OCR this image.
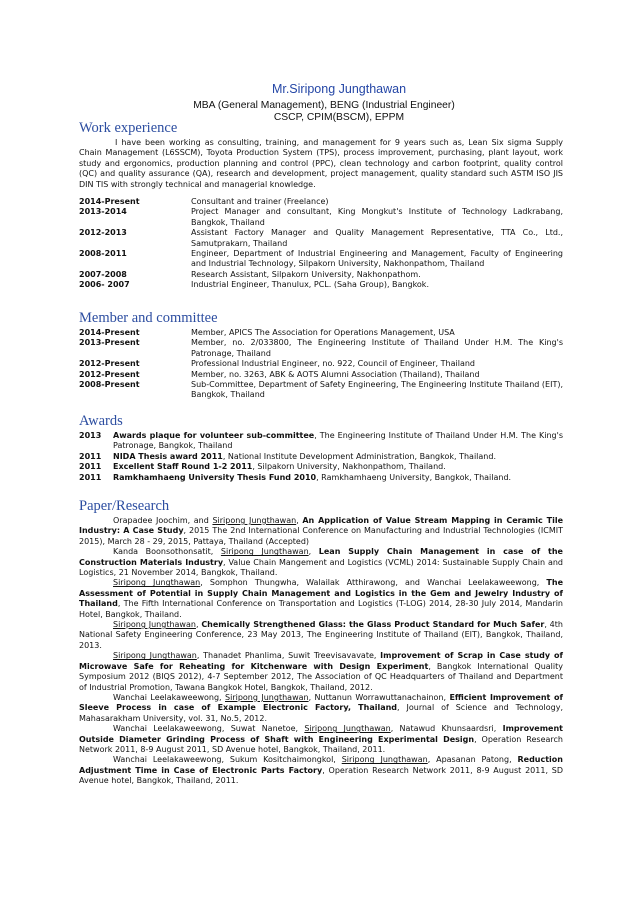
Mr.Siripong Jungthawan
MBA (General Management), BENG (Industrial Engineer)
CSCP, CPIM(BSCM), EPPM
Work experience
I have been working as consulting, training, and management for 9 years such as, Lean Six sigma Supply Chain Management (L6SSCM), Toyota Production System (TPS), process improvement, purchasing, plant layout, work study and ergonomics, production planning and control (PPC), clean technology and carbon footprint, quality control (QC) and quality assurance (QA), research and development, project management, quality standard such ASTM ISO JIS DIN TIS with strongly technical and managerial knowledge.
2014-Present	Consultant and trainer (Freelance)
2013-2014	Project Manager and consultant, King Mongkut's Institute of Technology Ladkrabang, Bangkok, Thailand
2012-2013	Assistant Factory Manager and Quality Management Representative, TTA Co., Ltd., Samutprakarn, Thailand
2008-2011	Engineer, Department of Industrial Engineering and Management, Faculty of Engineering and Industrial Technology, Silpakorn University, Nakhonpathom, Thailand
2007-2008	Research Assistant, Silpakorn University, Nakhonpathom.
2006- 2007	Industrial Engineer, Thanulux, PCL. (Saha Group), Bangkok.
Member and committee
2014-Present	Member, APICS The Association for Operations Management, USA
2013-Present	Member, no. 2/033800, The Engineering Institute of Thailand Under H.M. The King's Patronage, Thailand
2012-Present	Professional Industrial Engineer, no. 922, Council of Engineer, Thailand
2012-Present	Member, no. 3263, ABK & AOTS Alumni Association (Thailand), Thailand
2008-Present	Sub-Committee, Department of Safety Engineering, The Engineering Institute Thailand (EIT), Bangkok, Thailand
Awards
2013	Awards plaque for volunteer sub-committee, The Engineering Institute of Thailand Under H.M. The King's Patronage, Bangkok, Thailand
2011	NIDA Thesis award 2011, National Institute Development Administration, Bangkok, Thailand.
2011	Excellent Staff Round 1-2 2011, Silpakorn University, Nakhonpathom, Thailand.
2011	Ramkhamhaeng University Thesis Fund 2010, Ramkhamhaeng University, Bangkok, Thailand.
Paper/Research
Orapadee Joochim, and Siripong Jungthawan, An Application of Value Stream Mapping in Ceramic Tile Industry: A Case Study, 2015 The 2nd International Conference on Manufacturing and Industrial Technologies (ICMIT 2015), March 28 - 29, 2015, Pattaya, Thailand (Accepted)
Kanda Boonsothonsatit, Siripong Jungthawan, Lean Supply Chain Management in case of the Construction Materials Industry, Value Chain Mangement and Logistics (VCML) 2014: Sustainable Supply Chain and Logistics, 21 November 2014, Bangkok, Thailand.
Siripong Jungthawan, Somphon Thungwha, Walailak Atthirawong, and Wanchai Leelakaweewong, The Assessment of Potential in Supply Chain Management and Logistics in the Gem and Jewelry Industry of Thailand, The Fifth International Conference on Transportation and Logistics (T-LOG) 2014, 28-30 July 2014, Mandarin Hotel, Bangkok, Thailand.
Siripong Jungthawan, Chemically Strengthened Glass: the Glass Product Standard for Much Safer, 4th National Safety Engineering Conference, 23 May 2013, The Engineering Institute of Thailand (EIT), Bangkok, Thailand, 2013.
Siripong Jungthawan, Thanadet Phanlima, Suwit Treevisavavate, Improvement of Scrap in Case study of Microwave Safe for Reheating for Kitchenware with Design Experiment, Bangkok International Quality Symposium 2012 (BIQS 2012), 4-7 September 2012, The Association of QC Headquarters of Thailand and Department of Industrial Promotion, Tawana Bangkok Hotel, Bangkok, Thailand, 2012.
Wanchai Leelakaweewong, Siripong Jungthawan, Nuttanun Worrawuttanachainon, Efficient Improvement of Sleeve Process in case of Example Electronic Factory, Thailand, Journal of Science and Technology, Mahasarakham University, vol. 31, No.5, 2012.
Wanchai Leelakaweewong, Suwat Nanetoe, Siripong Jungthawan, Natawud Khunsaardsri, Improvement Outside Diameter Grinding Process of Shaft with Engineering Experimental Design, Operation Research Network 2011, 8-9 August 2011, SD Avenue hotel, Bangkok, Thailand, 2011.
Wanchai Leelakaweewong, Sukum Kositchaimongkol, Siripong Jungthawan, Apasanan Patong, Reduction Adjustment Time in Case of Electronic Parts Factory, Operation Research Network 2011, 8-9 August 2011, SD Avenue hotel, Bangkok, Thailand, 2011.
